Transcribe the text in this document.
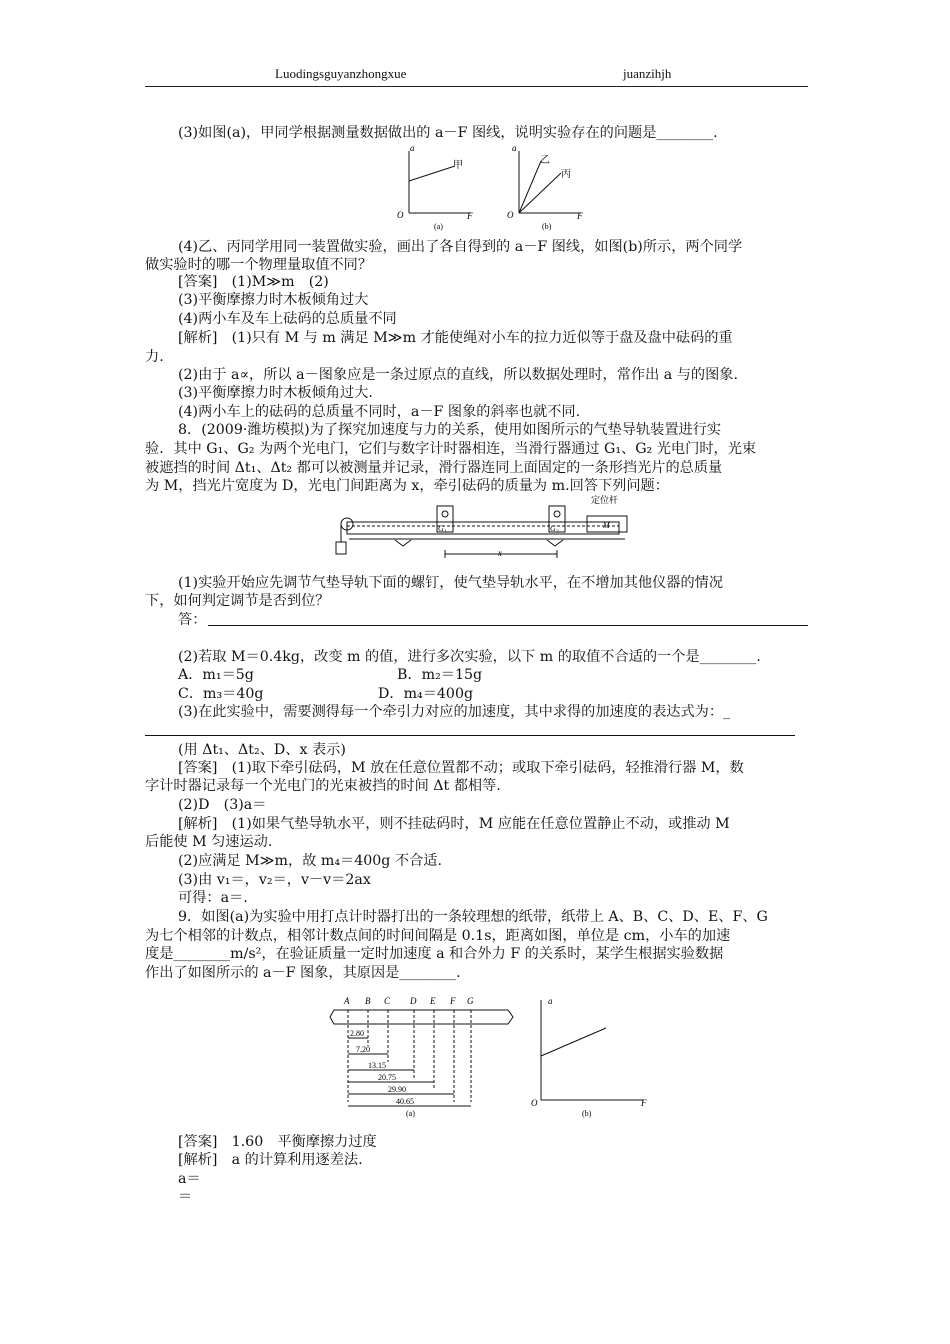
Luodingsguyanzhongxue	juanzihjh
(3)如图(a)，甲同学根据测量数据做出的 a－F 图线，说明实验存在的问题是________.
a
O	F
甲
(a)
a
O	F
乙
丙
(b)
(4)乙、丙同学用同一装置做实验，画出了各自得到的 a－F 图线，如图(b)所示，两个同学
做实验时的哪一个物理量取值不同？
[答案]　(1)M≫m　(2)
(3)平衡摩擦力时木板倾角过大
(4)两小车及车上砝码的总质量不同
[解析]　(1)只有 M 与 m 满足 M≫m 才能使绳对小车的拉力近似等于盘及盘中砝码的重
力.
(2)由于 a∝，所以 a－图象应是一条过原点的直线，所以数据处理时，常作出 a 与的图象.
(3)平衡摩擦力时木板倾角过大.
(4)两小车上的砝码的总质量不同时，a－F 图象的斜率也就不同.
8．(2009·潍坊模拟)为了探究加速度与力的关系，使用如图所示的气垫导轨装置进行实
验．其中 G₁、G₂ 为两个光电门，它们与数字计时器相连，当滑行器通过 G₁、G₂ 光电门时，光束
被遮挡的时间 Δt₁、Δt₂ 都可以被测量并记录，滑行器连同上面固定的一条形挡光片的总质量
为 M，挡光片宽度为 D，光电门间距离为 x，牵引砝码的质量为 m.回答下列问题：
G₁	G₂	M
定位杆
x
(1)实验开始应先调节气垫导轨下面的螺钉，使气垫导轨水平，在不增加其他仪器的情况
下，如何判定调节是否到位？
答：
(2)若取 M＝0.4kg，改变 m 的值，进行多次实验，以下 m 的取值不合适的一个是________.
A．m₁＝5g	B．m₂＝15g
C．m₃＝40g	D．m₄＝400g
(3)在此实验中，需要测得每一个牵引力对应的加速度，其中求得的加速度的表达式为：_
(用 Δt₁、Δt₂、D、x 表示)
[答案]　(1)取下牵引砝码，M 放在任意位置都不动；或取下牵引砝码，轻推滑行器 M，数
字计时器记录每一个光电门的光束被挡的时间 Δt 都相等.
(2)D　(3)a＝
[解析]　(1)如果气垫导轨水平，则不挂砝码时，M 应能在任意位置静止不动，或推动 M
后能使 M 匀速运动.
(2)应满足 M≫m，故 m₄＝400g 不合适.
(3)由 v₁＝，v₂＝，v－v＝2ax
可得：a＝.
9．如图(a)为实验中用打点计时器打出的一条较理想的纸带，纸带上 A、B、C、D、E、F、G
为七个相邻的计数点，相邻计数点间的时间间隔是 0.1s，距离如图，单位是 cm，小车的加速
度是________m/s²，在验证质量一定时加速度 a 和合外力 F 的关系时，某学生根据实验数据
作出了如图所示的 a－F 图象，其原因是________.
A B C D E F G
2.80
7.20
13.15
20.75
29.90
40.65
(a)	(b)
a
O	F
[答案]　1.60　平衡摩擦力过度
[解析]　a 的计算利用逐差法.
a＝
＝
